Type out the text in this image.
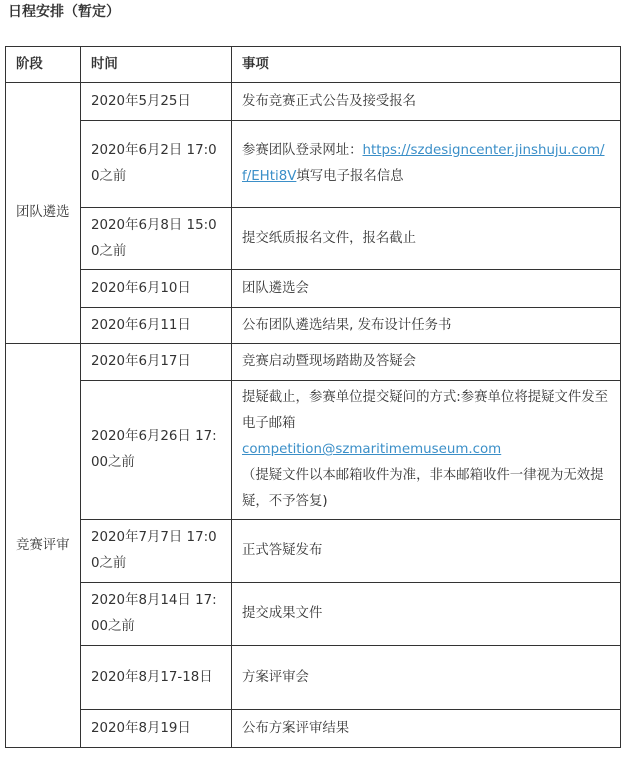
日程安排（暂定）
阶段	时间	事项
团队遴选	2020年5月25日	发布竞赛正式公告及接受报名
	2020年6月2日 17:00之前	参赛团队登录网址：https://szdesigncenter.jinshuju.com/f/EHti8V填写电子报名信息
	2020年6月8日 15:00之前	提交纸质报名文件，报名截止
	2020年6月10日	团队遴选会
	2020年6月11日	公布团队遴选结果, 发布设计任务书
竞赛评审	2020年6月17日	竞赛启动暨现场踏勘及答疑会
	2020年6月26日 17:00之前	提疑截止，参赛单位提交疑问的方式:参赛单位将提疑文件发至电子邮箱
competition@szmaritimemuseum.com
（提疑文件以本邮箱收件为准，非本邮箱收件一律视为无效提疑，不予答复)
	2020年7月7日 17:00之前	正式答疑发布
	2020年8月14日 17:00之前	提交成果文件
	2020年8月17-18日	方案评审会
	2020年8月19日	公布方案评审结果
